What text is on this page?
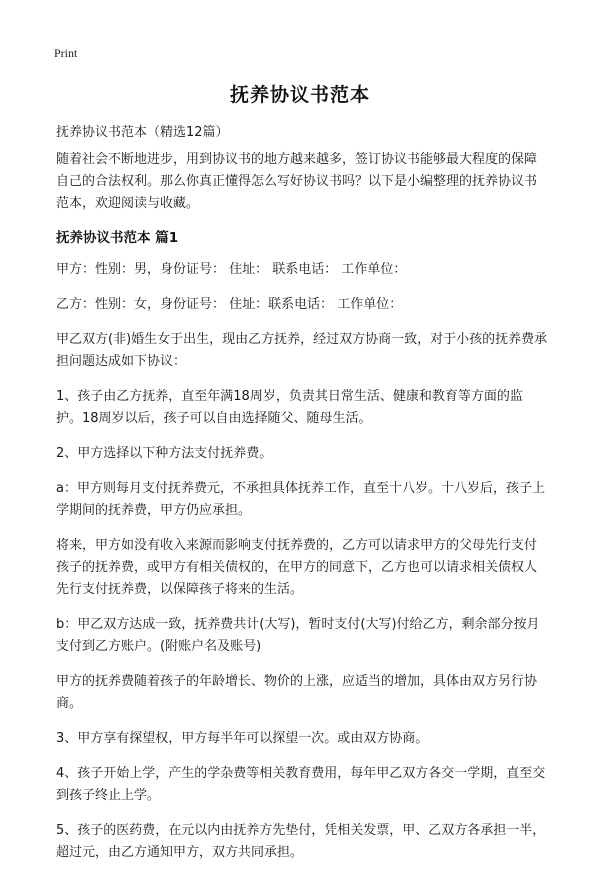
Print
抚养协议书范本

抚养协议书范本（精选12篇）

随着社会不断地进步，用到协议书的地方越来越多，签订协议书能够最大程度的保障自己的合法权利。那么你真正懂得怎么写好协议书吗？以下是小编整理的抚养协议书范本，欢迎阅读与收藏。

抚养协议书范本 篇1

甲方：性别：男，身份证号： 住址： 联系电话： 工作单位：

乙方：性别：女，身份证号： 住址：联系电话： 工作单位：

甲乙双方(非)婚生女于出生，现由乙方抚养，经过双方协商一致，对于小孩的抚养费承担问题达成如下协议：

1、孩子由乙方抚养，直至年满18周岁，负责其日常生活、健康和教育等方面的监护。18周岁以后，孩子可以自由选择随父、随母生活。

2、甲方选择以下种方法支付抚养费。

a：甲方则每月支付抚养费元，不承担具体抚养工作，直至十八岁。十八岁后，孩子上学期间的抚养费，甲方仍应承担。

将来，甲方如没有收入来源而影响支付抚养费的，乙方可以请求甲方的父母先行支付孩子的抚养费，或甲方有相关债权的，在甲方的同意下，乙方也可以请求相关债权人先行支付抚养费，以保障孩子将来的生活。

b：甲乙双方达成一致，抚养费共计(大写)，暂时支付(大写)付给乙方，剩余部分按月支付到乙方账户。(附账户名及账号)

甲方的抚养费随着孩子的年龄增长、物价的上涨，应适当的增加，具体由双方另行协商。

3、甲方享有探望权，甲方每半年可以探望一次。或由双方协商。

4、孩子开始上学，产生的学杂费等相关教育费用，每年甲乙双方各交一学期，直至交到孩子终止上学。

5、孩子的医药费，在元以内由抚养方先垫付，凭相关发票，甲、乙双方各承担一半，超过元，由乙方通知甲方，双方共同承担。
